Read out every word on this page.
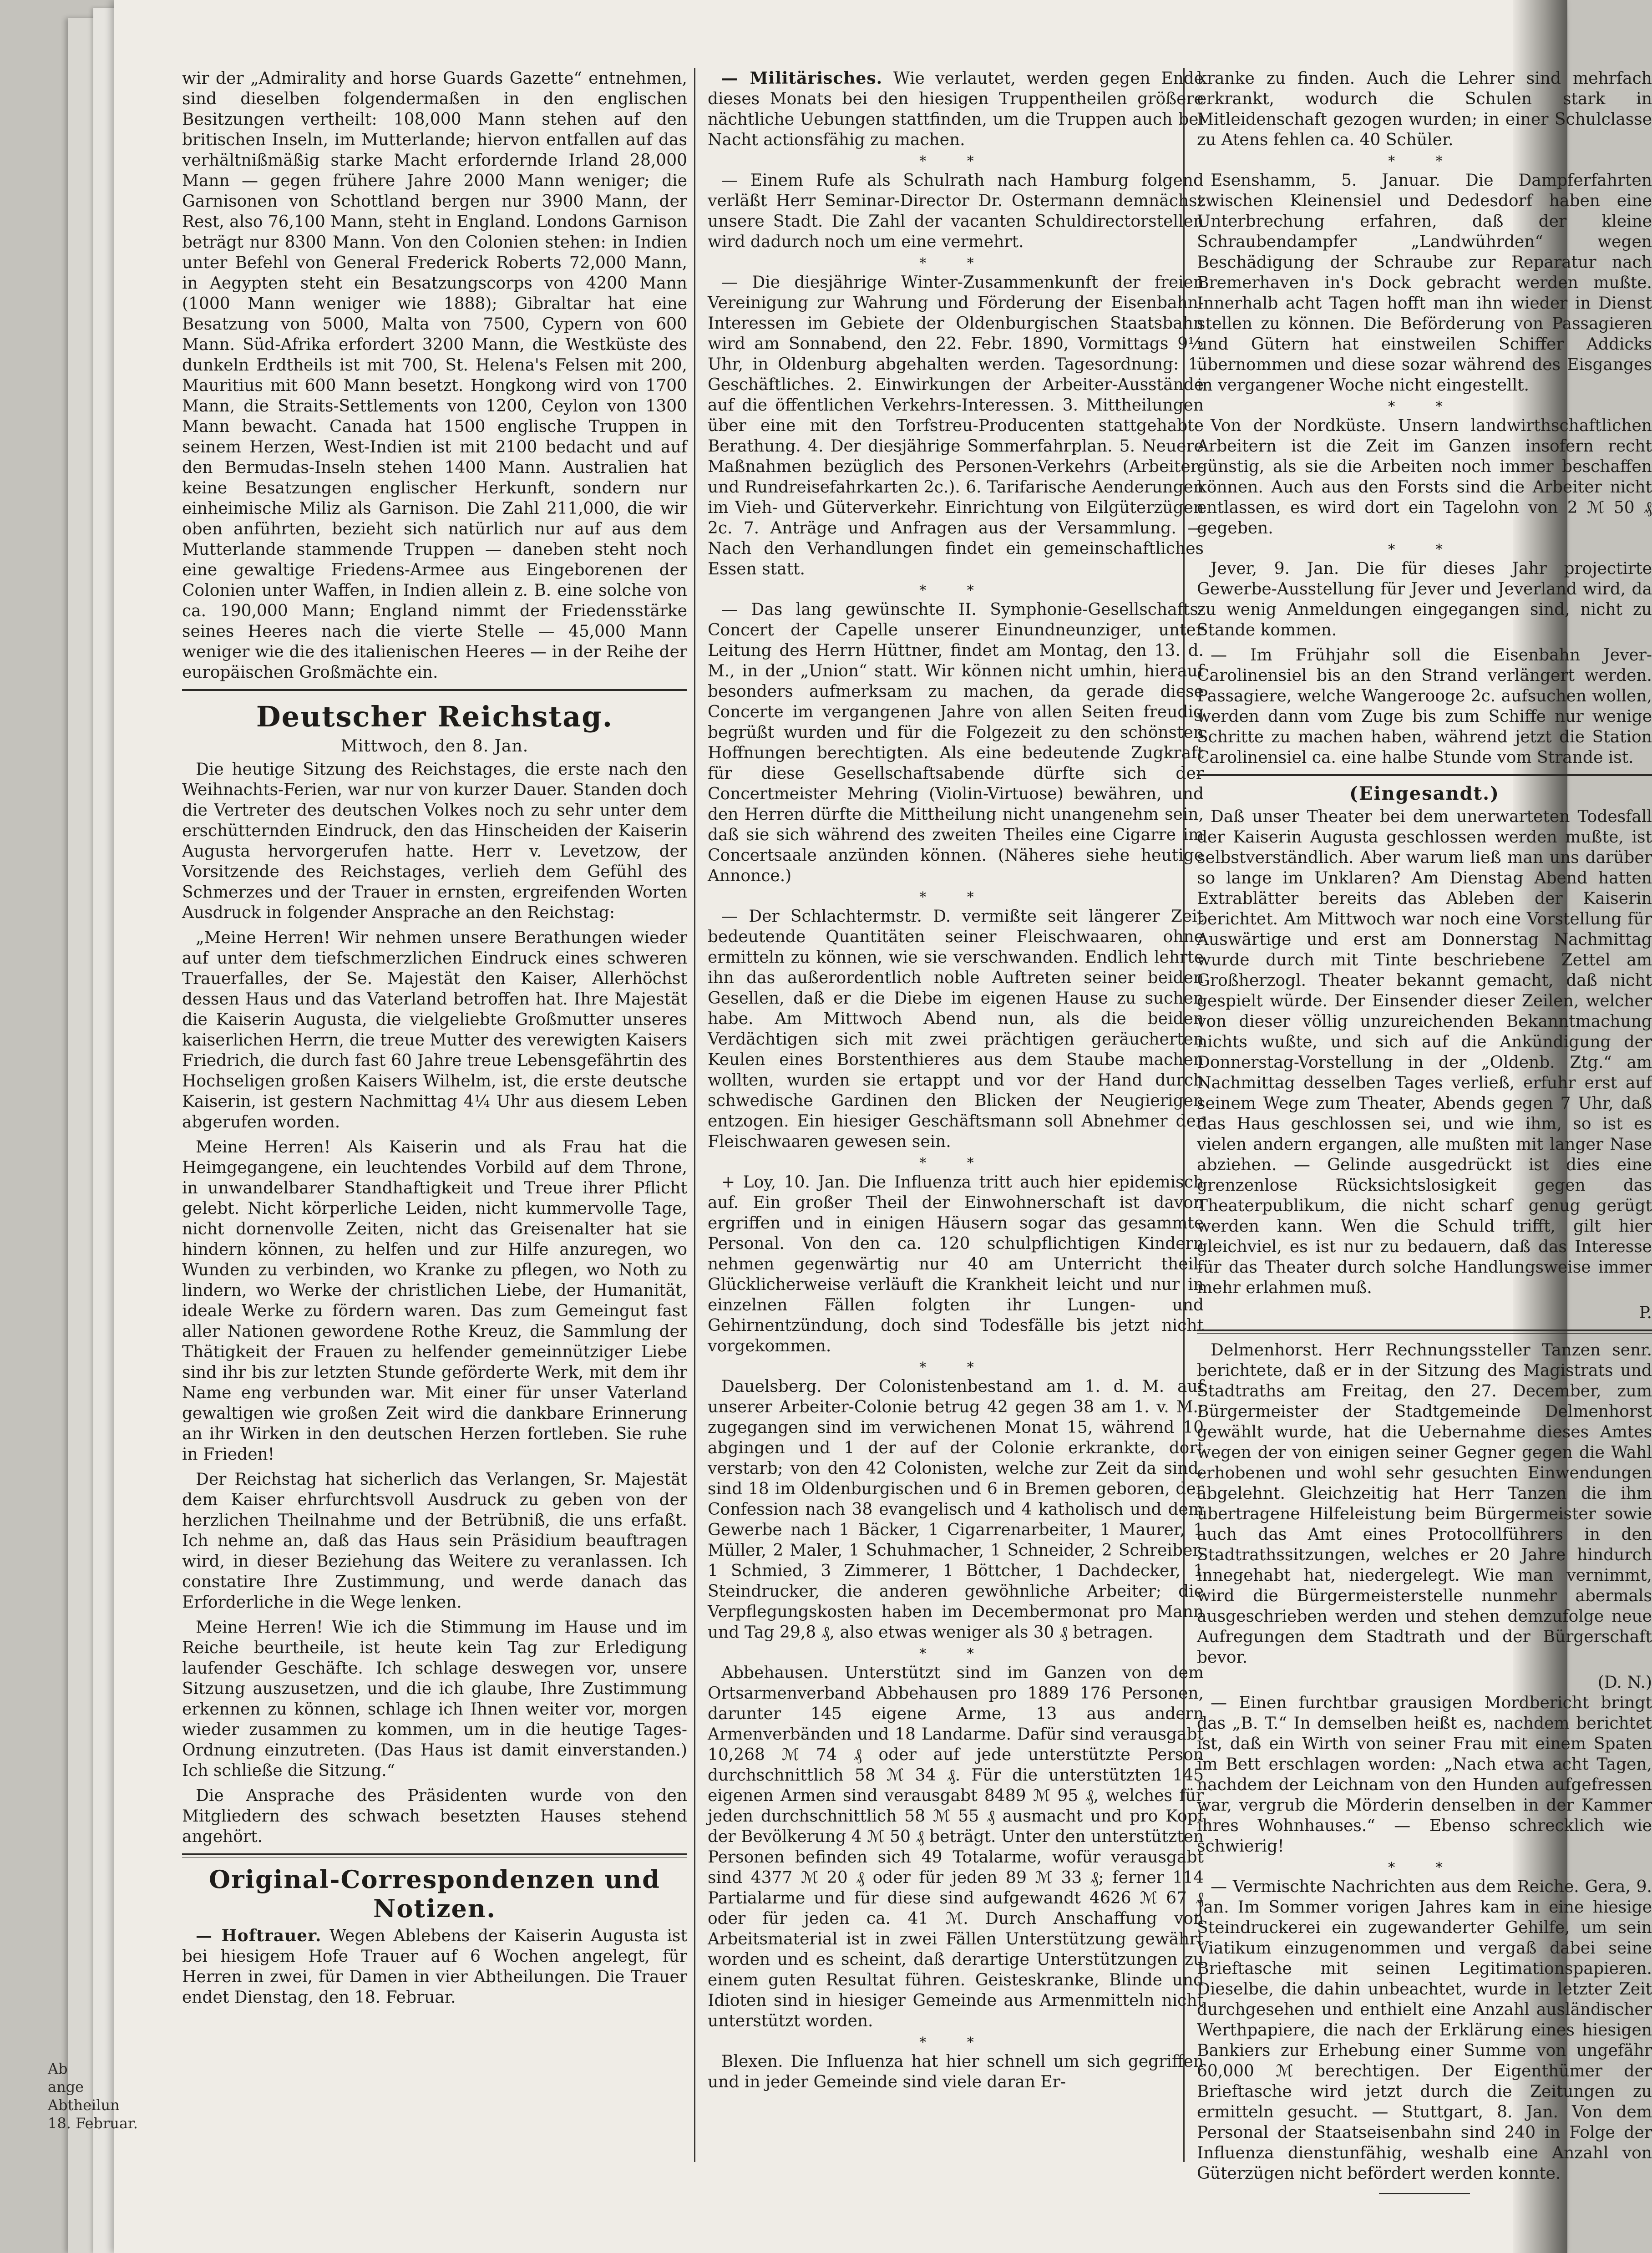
wir der „Admirality and horse Guards Gazette“ entnehmen, sind dieselben folgendermaßen in den englischen Besitzungen vertheilt: 108,000 Mann stehen auf den britischen Inseln, im Mutterlande; hiervon entfallen auf das verhältnißmäßig starke Macht erfordernde Irland 28,000 Mann — gegen frühere Jahre 2000 Mann weniger; die Garnisonen von Schottland bergen nur 3900 Mann, der Rest, also 76,100 Mann, steht in England. Londons Garnison beträgt nur 8300 Mann. Von den Colonien stehen: in Indien unter Befehl von General Frederick Roberts 72,000 Mann, in Aegypten steht ein Besatzungscorps von 4200 Mann (1000 Mann weniger wie 1888); Gibraltar hat eine Besatzung von 5000, Malta von 7500, Cypern von 600 Mann. Süd-Afrika erfordert 3200 Mann, die Westküste des dunkeln Erdtheils ist mit 700, St. Helena's Felsen mit 200, Mauritius mit 600 Mann besetzt. Hongkong wird von 1700 Mann, die Straits-Settlements von 1200, Ceylon von 1300 Mann bewacht. Canada hat 1500 englische Truppen in seinem Herzen, West-Indien ist mit 2100 bedacht und auf den Bermudas-Inseln stehen 1400 Mann. Australien hat keine Besatzungen englischer Herkunft, sondern nur einheimische Miliz als Garnison. Die Zahl 211,000, die wir oben anführten, bezieht sich natürlich nur auf aus dem Mutterlande stammende Truppen — daneben steht noch eine gewaltige Friedens-Armee aus Eingeborenen der Colonien unter Waffen, in Indien allein z. B. eine solche von ca. 190,000 Mann; England nimmt der Friedensstärke seines Heeres nach die vierte Stelle — 45,000 Mann weniger wie die des italienischen Heeres — in der Reihe der europäischen Großmächte ein.

Deutscher Reichstag.
Mittwoch, den 8. Jan.

Die heutige Sitzung des Reichstages, die erste nach den Weihnachts-Ferien, war nur von kurzer Dauer. Standen doch die Vertreter des deutschen Volkes noch zu sehr unter dem erschütternden Eindruck, den das Hinscheiden der Kaiserin Augusta hervorgerufen hatte. Herr v. Levetzow, der Vorsitzende des Reichstages, verlieh dem Gefühl des Schmerzes und der Trauer in ernsten, ergreifenden Worten Ausdruck in folgender Ansprache an den Reichstag:

„Meine Herren! Wir nehmen unsere Berathungen wieder auf unter dem tiefschmerzlichen Eindruck eines schweren Trauerfalles, der Se. Majestät den Kaiser, Allerhöchst dessen Haus und das Vaterland betroffen hat. Ihre Majestät die Kaiserin Augusta, die vielgeliebte Großmutter unseres kaiserlichen Herrn, die treue Mutter des verewigten Kaisers Friedrich, die durch fast 60 Jahre treue Lebensgefährtin des Hochseligen großen Kaisers Wilhelm, ist, die erste deutsche Kaiserin, ist gestern Nachmittag 4¼ Uhr aus diesem Leben abgerufen worden.

Meine Herren! Als Kaiserin und als Frau hat die Heimgegangene, ein leuchtendes Vorbild auf dem Throne, in unwandelbarer Standhaftigkeit und Treue ihrer Pflicht gelebt. Nicht körperliche Leiden, nicht kummervolle Tage, nicht dornenvolle Zeiten, nicht das Greisenalter hat sie hindern können, zu helfen und zur Hilfe anzuregen, wo Wunden zu verbinden, wo Kranke zu pflegen, wo Noth zu lindern, wo Werke der christlichen Liebe, der Humanität, ideale Werke zu fördern waren. Das zum Gemeingut fast aller Nationen gewordene Rothe Kreuz, die Sammlung der Thätigkeit der Frauen zu helfender gemeinnütziger Liebe sind ihr bis zur letzten Stunde geförderte Werk, mit dem ihr Name eng verbunden war. Mit einer für unser Vaterland gewaltigen wie großen Zeit wird die dankbare Erinnerung an ihr Wirken in den deutschen Herzen fortleben. Sie ruhe in Frieden!

Der Reichstag hat sicherlich das Verlangen, Sr. Majestät dem Kaiser ehrfurchtsvoll Ausdruck zu geben von der herzlichen Theilnahme und der Betrübniß, die uns erfaßt. Ich nehme an, daß das Haus sein Präsidium beauftragen wird, in dieser Beziehung das Weitere zu veranlassen. Ich constatire Ihre Zustimmung, und werde danach das Erforderliche in die Wege lenken.

Meine Herren! Wie ich die Stimmung im Hause und im Reiche beurtheile, ist heute kein Tag zur Erledigung laufender Geschäfte. Ich schlage deswegen vor, unsere Sitzung auszusetzen, und die ich glaube, Ihre Zustimmung erkennen zu können, schlage ich Ihnen weiter vor, morgen wieder zusammen zu kommen, um in die heutige Tages-Ordnung einzutreten. (Das Haus ist damit einverstanden.) Ich schließe die Sitzung.“

Die Ansprache des Präsidenten wurde von den Mitgliedern des schwach besetzten Hauses stehend angehört.

Original-Correspondenzen und Notizen.

— Hoftrauer. Wegen Ablebens der Kaiserin Augusta ist bei hiesigem Hofe Trauer auf 6 Wochen angelegt, für Herren in zwei, für Damen in vier Abtheilungen. Die Trauer endet Dienstag, den 18. Februar.

— Militärisches. Wie verlautet, werden gegen Ende dieses Monats bei den hiesigen Truppentheilen größere nächtliche Uebungen stattfinden, um die Truppen auch bei Nacht actionsfähig zu machen.

* *

— Einem Rufe als Schulrath nach Hamburg folgend verläßt Herr Seminar-Director Dr. Ostermann demnächst unsere Stadt. Die Zahl der vacanten Schuldirectorstellen wird dadurch noch um eine vermehrt.

* *

— Die diesjährige Winter-Zusammenkunft der freien Vereinigung zur Wahrung und Förderung der Eisenbahn-Interessen im Gebiete der Oldenburgischen Staatsbahn wird am Sonnabend, den 22. Febr. 1890, Vormittags 9½ Uhr, in Oldenburg abgehalten werden. Tagesordnung: 1. Geschäftliches. 2. Einwirkungen der Arbeiter-Ausstände auf die öffentlichen Verkehrs-Interessen. 3. Mittheilungen über eine mit den Torfstreu-Producenten stattgehabte Berathung. 4. Der diesjährige Sommerfahrplan. 5. Neuere Maßnahmen bezüglich des Personen-Verkehrs (Arbeiter- und Rundreisefahrkarten 2c.). 6. Tarifarische Aenderungen im Vieh- und Güterverkehr. Einrichtung von Eilgüterzügen 2c. 7. Anträge und Anfragen aus der Versammlung. — Nach den Verhandlungen findet ein gemeinschaftliches Essen statt.

* *

— Das lang gewünschte II. Symphonie-Gesellschafts-Concert der Capelle unserer Einundneunziger, unter Leitung des Herrn Hüttner, findet am Montag, den 13. d. M., in der „Union“ statt. Wir können nicht umhin, hierauf besonders aufmerksam zu machen, da gerade diese Concerte im vergangenen Jahre von allen Seiten freudig begrüßt wurden und für die Folgezeit zu den schönsten Hoffnungen berechtigten. Als eine bedeutende Zugkraft für diese Gesellschaftsabende dürfte sich der Concertmeister Mehring (Violin-Virtuose) bewähren, und den Herren dürfte die Mittheilung nicht unangenehm sein, daß sie sich während des zweiten Theiles eine Cigarre im Concertsaale anzünden können. (Näheres siehe heutige Annonce.)

* *

— Der Schlachtermstr. D. vermißte seit längerer Zeit bedeutende Quantitäten seiner Fleischwaaren, ohne ermitteln zu können, wie sie verschwanden. Endlich lehrte ihn das außerordentlich noble Auftreten seiner beiden Gesellen, daß er die Diebe im eigenen Hause zu suchen habe. Am Mittwoch Abend nun, als die beiden Verdächtigen sich mit zwei prächtigen geräucherten Keulen eines Borstenthieres aus dem Staube machen wollten, wurden sie ertappt und vor der Hand durch schwedische Gardinen den Blicken der Neugierigen entzogen. Ein hiesiger Geschäftsmann soll Abnehmer der Fleischwaaren gewesen sein.

* *

+ Loy, 10. Jan. Die Influenza tritt auch hier epidemisch auf. Ein großer Theil der Einwohnerschaft ist davon ergriffen und in einigen Häusern sogar das gesammte Personal. Von den ca. 120 schulpflichtigen Kindern nehmen gegenwärtig nur 40 am Unterricht theil. Glücklicherweise verläuft die Krankheit leicht und nur in einzelnen Fällen folgten ihr Lungen- und Gehirnentzündung, doch sind Todesfälle bis jetzt nicht vorgekommen.

* *

Dauelsberg. Der Colonistenbestand am 1. d. M. auf unserer Arbeiter-Colonie betrug 42 gegen 38 am 1. v. M.; zugegangen sind im verwichenen Monat 15, während 10 abgingen und 1 der auf der Colonie erkrankte, dort verstarb; von den 42 Colonisten, welche zur Zeit da sind, sind 18 im Oldenburgischen und 6 in Bremen geboren, der Confession nach 38 evangelisch und 4 katholisch und dem Gewerbe nach 1 Bäcker, 1 Cigarrenarbeiter, 1 Maurer, 1 Müller, 2 Maler, 1 Schuhmacher, 1 Schneider, 2 Schreiber, 1 Schmied, 3 Zimmerer, 1 Böttcher, 1 Dachdecker, 1 Steindrucker, die anderen gewöhnliche Arbeiter; die Verpflegungskosten haben im Decembermonat pro Mann und Tag 29,8 ₰, also etwas weniger als 30 ₰ betragen.

* *

Abbehausen. Unterstützt sind im Ganzen von dem Ortsarmenverband Abbehausen pro 1889 176 Personen, darunter 145 eigene Arme, 13 aus andern Armenverbänden und 18 Landarme. Dafür sind verausgabt 10,268 ℳ 74 ₰ oder auf jede unterstützte Person durchschnittlich 58 ℳ 34 ₰. Für die unterstützten 145 eigenen Armen sind verausgabt 8489 ℳ 95 ₰, welches für jeden durchschnittlich 58 ℳ 55 ₰ ausmacht und pro Kopf der Bevölkerung 4 ℳ 50 ₰ beträgt. Unter den unterstützten Personen befinden sich 49 Totalarme, wofür verausgabt sind 4377 ℳ 20 ₰ oder für jeden 89 ℳ 33 ₰; ferner 114 Partialarme und für diese sind aufgewandt 4626 ℳ 67 ₰ oder für jeden ca. 41 ℳ. Durch Anschaffung von Arbeitsmaterial ist in zwei Fällen Unterstützung gewährt worden und es scheint, daß derartige Unterstützungen zu einem guten Resultat führen. Geisteskranke, Blinde und Idioten sind in hiesiger Gemeinde aus Armenmitteln nicht unterstützt worden.

* *

Blexen. Die Influenza hat hier schnell um sich gegriffen und in jeder Gemeinde sind viele daran Er-

kranke zu finden. Auch die Lehrer sind mehrfach erkrankt, wodurch die Schulen stark in Mitleidenschaft gezogen wurden; in einer Schulclasse zu Atens fehlen ca. 40 Schüler.

* *

Esenshamm, 5. Januar. Die Dampferfahrten zwischen Kleinensiel und Dedesdorf haben eine Unterbrechung erfahren, daß der kleine Schraubendampfer „Landwührden“ wegen Beschädigung der Schraube zur Reparatur nach Bremerhaven in's Dock gebracht werden mußte. Innerhalb acht Tagen hofft man ihn wieder in Dienst stellen zu können. Die Beförderung von Passagieren und Gütern hat einstweilen Schiffer Addicks übernommen und diese sozar während des Eisganges in vergangener Woche nicht eingestellt.

* *

Von der Nordküste. Unsern landwirthschaftlichen Arbeitern ist die Zeit im Ganzen insofern recht günstig, als sie die Arbeiten noch immer beschaffen können. Auch aus den Forsts sind die Arbeiter nicht entlassen, es wird dort ein Tagelohn von 2 ℳ 50 ₰ gegeben.

* *

Jever, 9. Jan. Die für dieses Jahr projectirte Gewerbe-Ausstellung für Jever und Jeverland wird, da zu wenig Anmeldungen eingegangen sind, nicht zu Stande kommen.

— Im Frühjahr soll die Eisenbahn Jever-Carolinensiel bis an den Strand verlängert werden. Passagiere, welche Wangerooge 2c. aufsuchen wollen, werden dann vom Zuge bis zum Schiffe nur wenige Schritte zu machen haben, während jetzt die Station Carolinensiel ca. eine halbe Stunde vom Strande ist.

(Eingesandt.)

Daß unser Theater bei dem unerwarteten Todesfall der Kaiserin Augusta geschlossen werden mußte, ist selbstverständlich. Aber warum ließ man uns darüber so lange im Unklaren? Am Dienstag Abend hatten Extrablätter bereits das Ableben der Kaiserin berichtet. Am Mittwoch war noch eine Vorstellung für Auswärtige und erst am Donnerstag Nachmittag wurde durch mit Tinte beschriebene Zettel am Großherzogl. Theater bekannt gemacht, daß nicht gespielt würde. Der Einsender dieser Zeilen, welcher von dieser völlig unzureichenden Bekanntmachung nichts wußte, und sich auf die Ankündigung der Donnerstag-Vorstellung in der „Oldenb. Ztg.“ am Nachmittag desselben Tages verließ, erfuhr erst auf seinem Wege zum Theater, Abends gegen 7 Uhr, daß das Haus geschlossen sei, und wie ihm, so ist es vielen andern ergangen, alle mußten mit langer Nase abziehen. — Gelinde ausgedrückt ist dies eine grenzenlose Rücksichtslosigkeit gegen das Theaterpublikum, die nicht scharf genug gerügt werden kann. Wen die Schuld trifft, gilt hier gleichviel, es ist nur zu bedauern, daß das Interesse für das Theater durch solche Handlungsweise immer mehr erlahmen muß.

P.

Delmenhorst. Herr Rechnungssteller Tanzen senr. berichtete, daß er in der Sitzung des Magistrats und Stadtraths am Freitag, den 27. December, zum Bürgermeister der Stadtgemeinde Delmenhorst gewählt wurde, hat die Uebernahme dieses Amtes wegen der von einigen seiner Gegner gegen die Wahl erhobenen und wohl sehr gesuchten Einwendungen abgelehnt. Gleichzeitig hat Herr Tanzen die ihm übertragene Hilfeleistung beim Bürgermeister sowie auch das Amt eines Protocollführers in den Stadtrathssitzungen, welches er 20 Jahre hindurch innegehabt hat, niedergelegt. Wie man vernimmt, wird die Bürgermeisterstelle nunmehr abermals ausgeschrieben werden und stehen demzufolge neue Aufregungen dem Stadtrath und der Bürgerschaft bevor.

(D. N.)

— Einen furchtbar grausigen Mordbericht bringt das „B. T.“ In demselben heißt es, nachdem berichtet ist, daß ein Wirth von seiner Frau mit einem Spaten im Bett erschlagen worden: „Nach etwa acht Tagen, nachdem der Leichnam von den Hunden aufgefressen war, vergrub die Mörderin denselben in der Kammer ihres Wohnhauses.“ — Ebenso schrecklich wie schwierig!

* *

— Vermischte Nachrichten aus dem Reiche. Gera, 9. Jan. Im Sommer vorigen Jahres kam in eine hiesige Steindruckerei ein zugewanderter Gehilfe, um sein Viatikum einzugenommen und vergaß dabei seine Brieftasche mit seinen Legitimationspapieren. Dieselbe, die dahin unbeachtet, wurde in letzter Zeit durchgesehen und enthielt eine Anzahl ausländischer Werthpapiere, die nach der Erklärung eines hiesigen Bankiers zur Erhebung einer Summe von ungefähr 60,000 ℳ berechtigen. Der Eigenthümer der Brieftasche wird jetzt durch die Zeitungen zu ermitteln gesucht. — Stuttgart, 8. Jan. Von dem Personal der Staatseisenbahn sind 240 in Folge der Influenza dienstunfähig, weshalb eine Anzahl von Güterzügen nicht befördert werden konnte.

Ab
ange
Abtheilun
18. Februar.
